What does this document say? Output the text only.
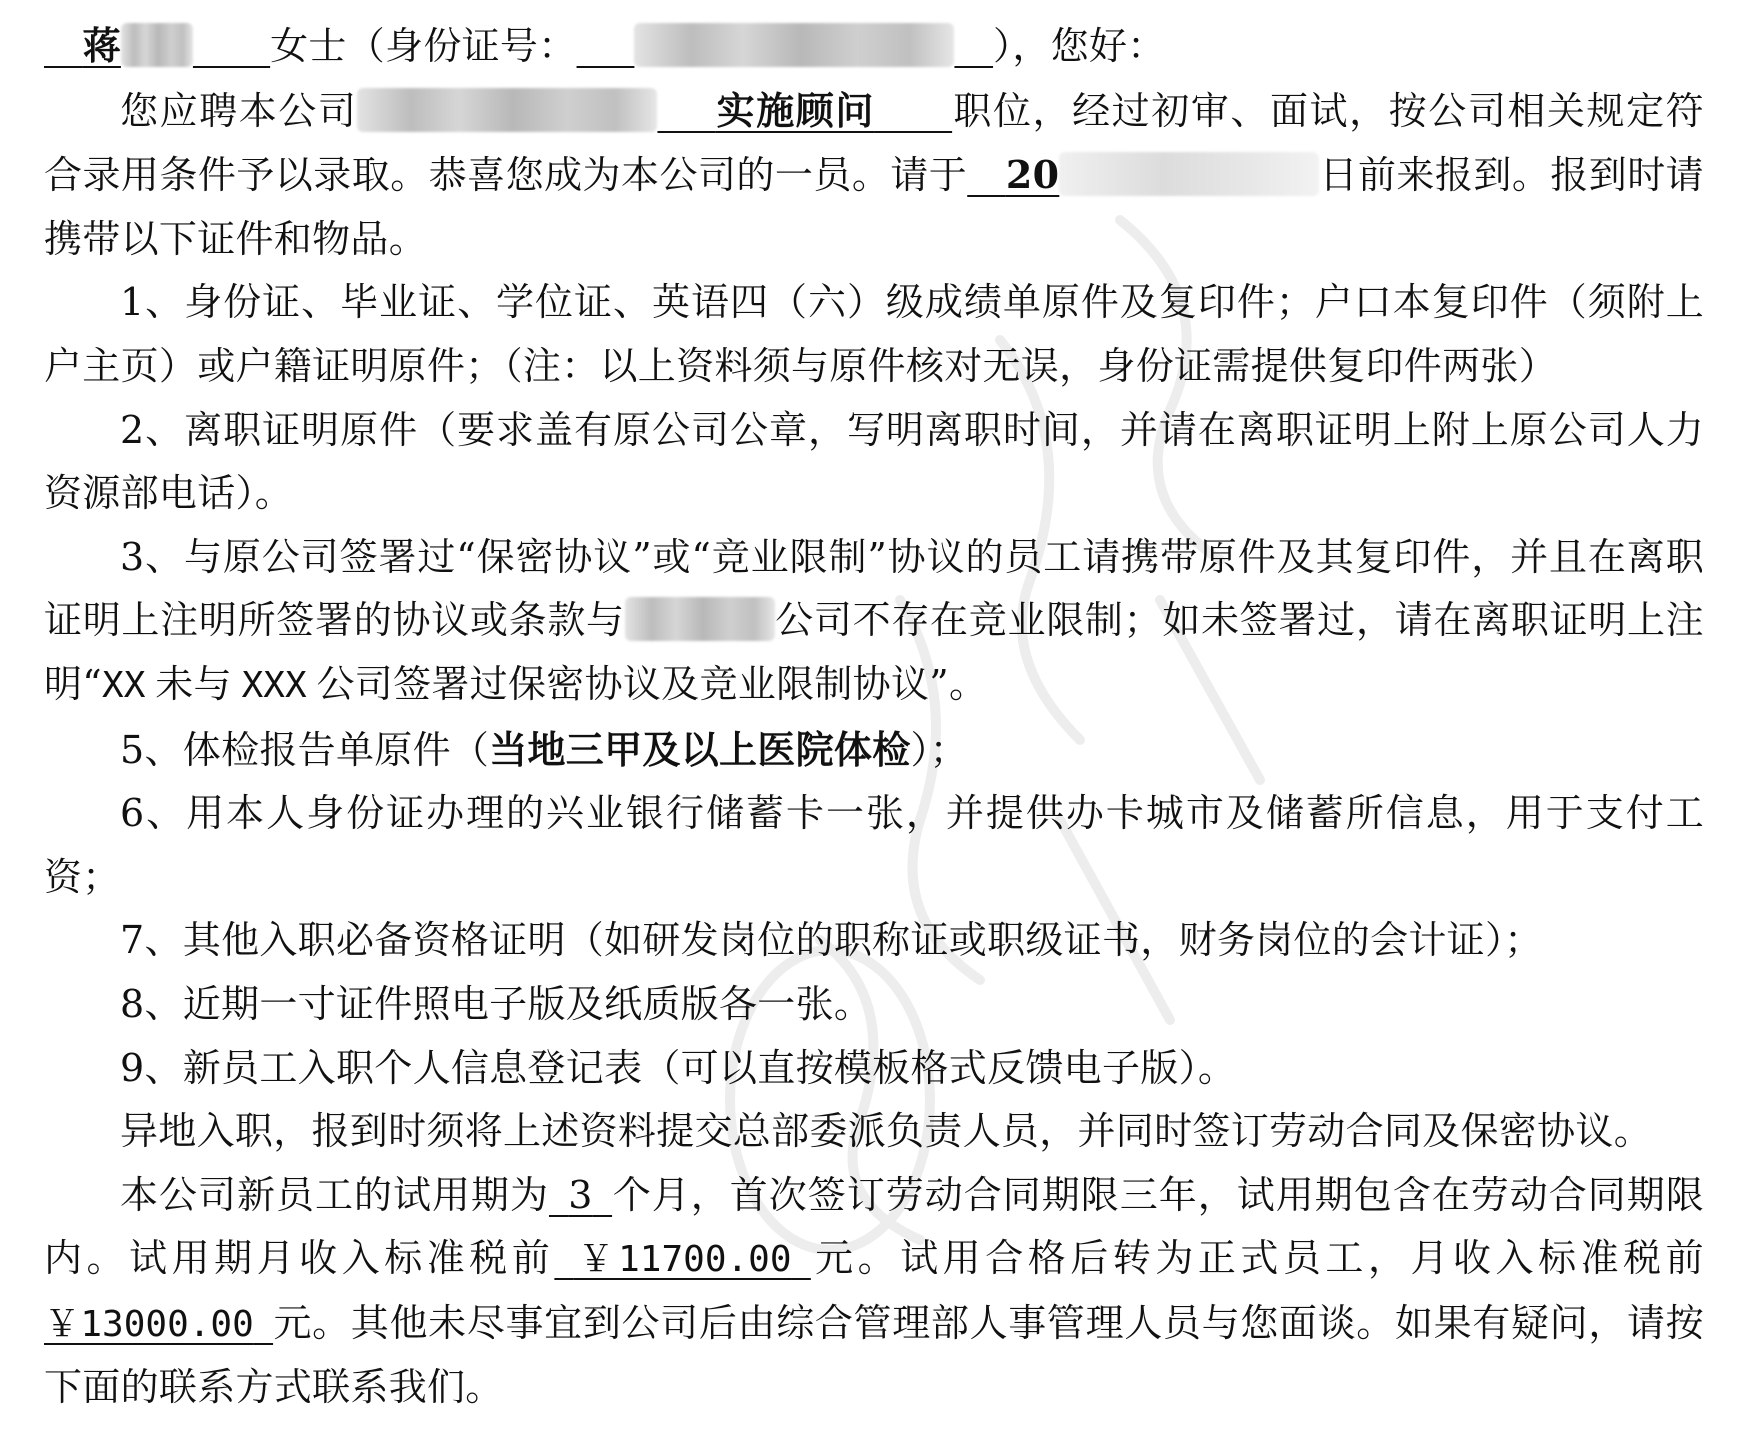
  蒋    	女士（身份证号：     	），您好：

您应聘本公司   	实施顾问     职位，经过初审、面试，按公司相关规定符合录用条件予以录取。恭喜您成为本公司的一员。请于   20	日前来报到。报到时请携带以下证件和物品。

1、身份证、毕业证、学位证、英语四（六）级成绩单原件及复印件；户口本复印件（须附上户主页）或户籍证明原件；（注：以上资料须与原件核对无误，身份证需提供复印件两张）

2、离职证明原件（要求盖有原公司公章，写明离职时间，并请在离职证明上附上原公司人力资源部电话）。

3、与原公司签署过“保密协议”或“竞业限制”协议的员工请携带原件及其复印件，并且在离职证明上注明所签署的协议或条款与	公司不存在竞业限制；如未签署过，请在离职证明上注明“XX  未与  XXX  公司签署过保密协议及竞业限制协议”。

5、体检报告单原件（当地三甲及以上医院体检）；

6、用本人身份证办理的兴业银行储蓄卡一张，并提供办卡城市及储蓄所信息，用于支付工资；

7、其他入职必备资格证明（如研发岗位的职称证或职级证书，财务岗位的会计证）；

8、近期一寸证件照电子版及纸质版各一张。

9、新员工入职个人信息登记表（可以直按模板格式反馈电子版）。

异地入职，报到时须将上述资料提交总部委派负责人员，并同时签订劳动合同及保密协议。

本公司新员工的试用期为  3  个月，首次签订劳动合同期限三年，试用期包含在劳动合同期限内。试用期月收入标准税前  ￥11700.00  元。试用合格后转为正式员工，月收入标准税前￥13000.00  元。其他未尽事宜到公司后由综合管理部人事管理人员与您面谈。如果有疑问，请按下面的联系方式联系我们。
